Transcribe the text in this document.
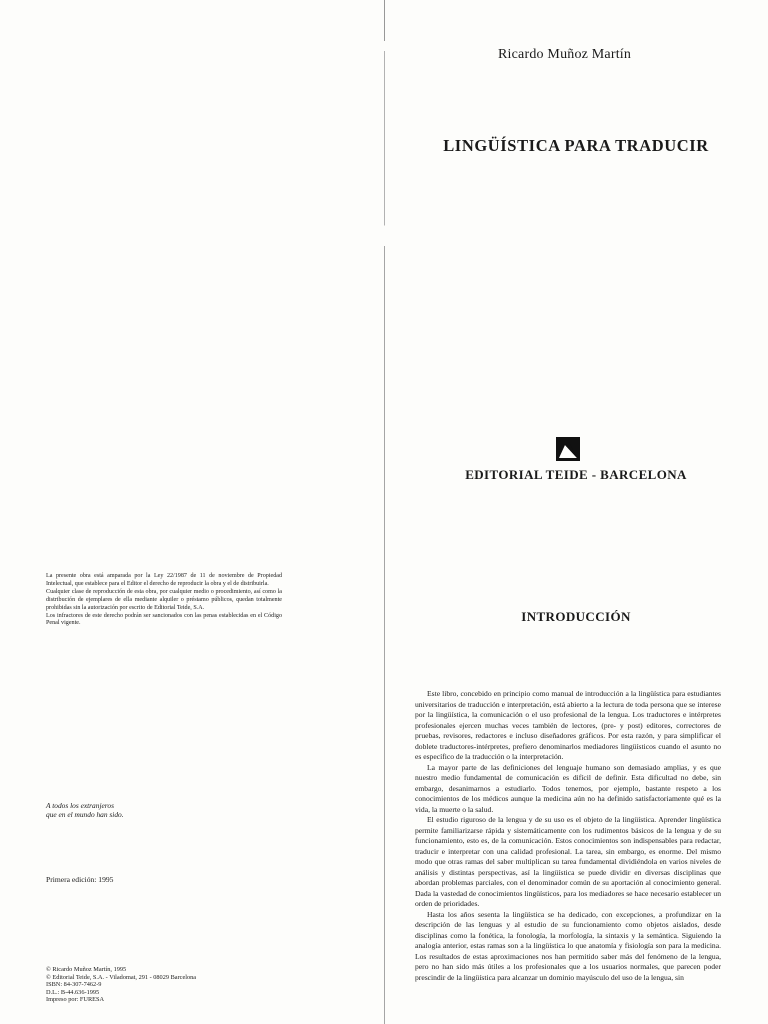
La presente obra está amparada por la Ley 22/1987 de 11 de noviembre de Propiedad Intelectual, que establece para el Editor el derecho de reproducir la obra y el de distribuirla.

Cualquier clase de reproducción de esta obra, por cualquier medio o procedimiento, así como la distribución de ejemplares de ella mediante alquiler o préstamo públicos, quedan totalmente prohibidas sin la autorización por escrito de Editorial Teide, S.A.

Los infractores de este derecho podrán ser sancionados con las penas establecidas en el Código Penal vigente.

A todos los extranjeros
que en el mundo han sido.
Primera edición: 1995
© Ricardo Muñoz Martín, 1995
© Editorial Teide, S.A. - Viladomat, 291 - 08029 Barcelona
ISBN: 84-307-7462-9
D.L.: B-44.636-1995
Impreso por: FURESA
Ricardo Muñoz Martín
LINGÜÍSTICA PARA TRADUCIR
EDITORIAL TEIDE - BARCELONA
INTRODUCCIÓN

Este libro, concebido en principio como manual de introducción a la lingüística para estudiantes universitarios de traducción e interpretación, está abierto a la lectura de toda persona que se interese por la lingüística, la comunicación o el uso profesional de la lengua. Los traductores e intérpretes profesionales ejercen muchas veces también de lectores, (pre- y post) editores, correctores de pruebas, revisores, redactores e incluso diseñadores gráficos. Por esta razón, y para simplificar el doblete traductores-intérpretes, prefiero denominarlos mediadores lingüísticos cuando el asunto no es específico de la traducción o la interpretación.

La mayor parte de las definiciones del lenguaje humano son demasiado amplias, y es que nuestro medio fundamental de comunicación es difícil de definir. Esta dificultad no debe, sin embargo, desanimarnos a estudiarlo. Todos tenemos, por ejemplo, bastante respeto a los conocimientos de los médicos aunque la medicina aún no ha definido satisfactoriamente qué es la vida, la muerte o la salud.

El estudio riguroso de la lengua y de su uso es el objeto de la lingüística. Aprender lingüística permite familiarizarse rápida y sistemáticamente con los rudimentos básicos de la lengua y de su funcionamiento, esto es, de la comunicación. Estos conocimientos son indispensables para redactar, traducir e interpretar con una calidad profesional. La tarea, sin embargo, es enorme. Del mismo modo que otras ramas del saber multiplican su tarea fundamental dividiéndola en varios niveles de análisis y distintas perspectivas, así la lingüística se puede dividir en diversas disciplinas que abordan problemas parciales, con el denominador común de su aportación al conocimiento general. Dada la vastedad de conocimientos lingüísticos, para los mediadores se hace necesario establecer un orden de prioridades.

Hasta los años sesenta la lingüística se ha dedicado, con excepciones, a profundizar en la descripción de las lenguas y al estudio de su funcionamiento como objetos aislados, desde disciplinas como la fonética, la fonología, la morfología, la sintaxis y la semántica. Siguiendo la analogía anterior, estas ramas son a la lingüística lo que anatomía y fisiología son para la medicina. Los resultados de estas aproximaciones nos han permitido saber más del fenómeno de la lengua, pero no han sido más útiles a los profesionales que a los usuarios normales, que parecen poder prescindir de la lingüística para alcanzar un dominio mayúsculo del uso de la lengua, sin
